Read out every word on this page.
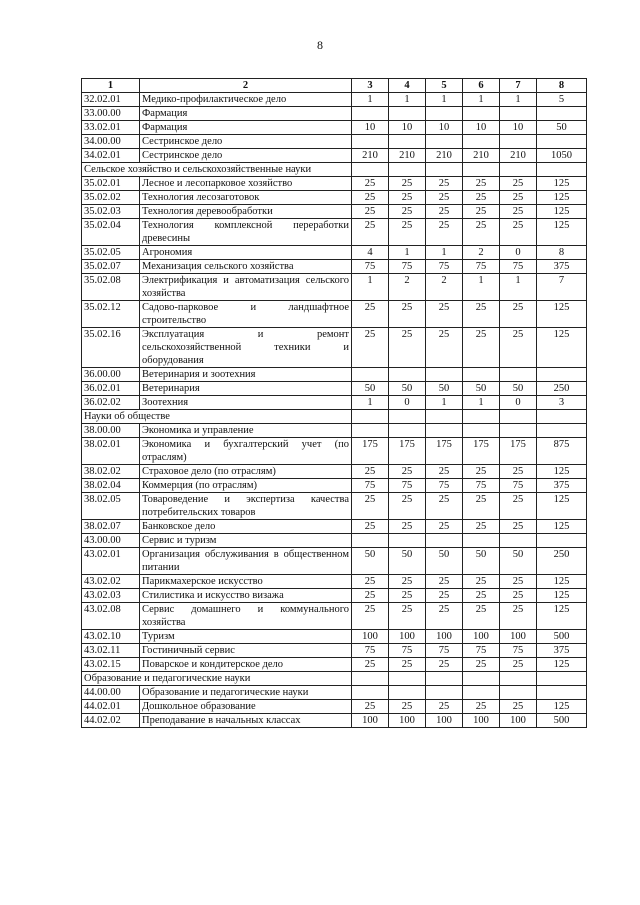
8
1	2	3	4	5	6	7	8
32.02.01	Медико-профилактическое дело	1	1	1	1	1	5
33.00.00	Фармация						
33.02.01	Фармация	10	10	10	10	10	50
34.00.00	Сестринское дело						
34.02.01	Сестринское дело	210	210	210	210	210	1050
Сельское хозяйство и сельскохозяйственные науки							
35.02.01	Лесное и лесопарковое хозяйство	25	25	25	25	25	125
35.02.02	Технология лесозаготовок	25	25	25	25	25	125
35.02.03	Технология деревообработки	25	25	25	25	25	125
35.02.04	Технология комплексной переработки древесины	25	25	25	25	25	125
35.02.05	Агрономия	4	1	1	2	0	8
35.02.07	Механизация сельского хозяйства	75	75	75	75	75	375
35.02.08	Электрификация и автоматизация сельского хозяйства	1	2	2	1	1	7
35.02.12	Садово-парковое и ландшафтное строительство	25	25	25	25	25	125
35.02.16	Эксплуатация и ремонт сельскохозяйственной техники и оборудования	25	25	25	25	25	125
36.00.00	Ветеринария и зоотехния						
36.02.01	Ветеринария	50	50	50	50	50	250
36.02.02	Зоотехния	1	0	1	1	0	3
Науки об обществе							
38.00.00	Экономика и управление						
38.02.01	Экономика и бухгалтерский учет (по отраслям)	175	175	175	175	175	875
38.02.02	Страховое дело (по отраслям)	25	25	25	25	25	125
38.02.04	Коммерция (по отраслям)	75	75	75	75	75	375
38.02.05	Товароведение и экспертиза качества потребительских товаров	25	25	25	25	25	125
38.02.07	Банковское дело	25	25	25	25	25	125
43.00.00	Сервис и туризм						
43.02.01	Организация обслуживания в общественном питании	50	50	50	50	50	250
43.02.02	Парикмахерское искусство	25	25	25	25	25	125
43.02.03	Стилистика и искусство визажа	25	25	25	25	25	125
43.02.08	Сервис домашнего и коммунального хозяйства	25	25	25	25	25	125
43.02.10	Туризм	100	100	100	100	100	500
43.02.11	Гостиничный сервис	75	75	75	75	75	375
43.02.15	Поварское и кондитерское дело	25	25	25	25	25	125
Образование и педагогические науки							
44.00.00	Образование и педагогические науки						
44.02.01	Дошкольное образование	25	25	25	25	25	125
44.02.02	Преподавание в начальных классах	100	100	100	100	100	500
